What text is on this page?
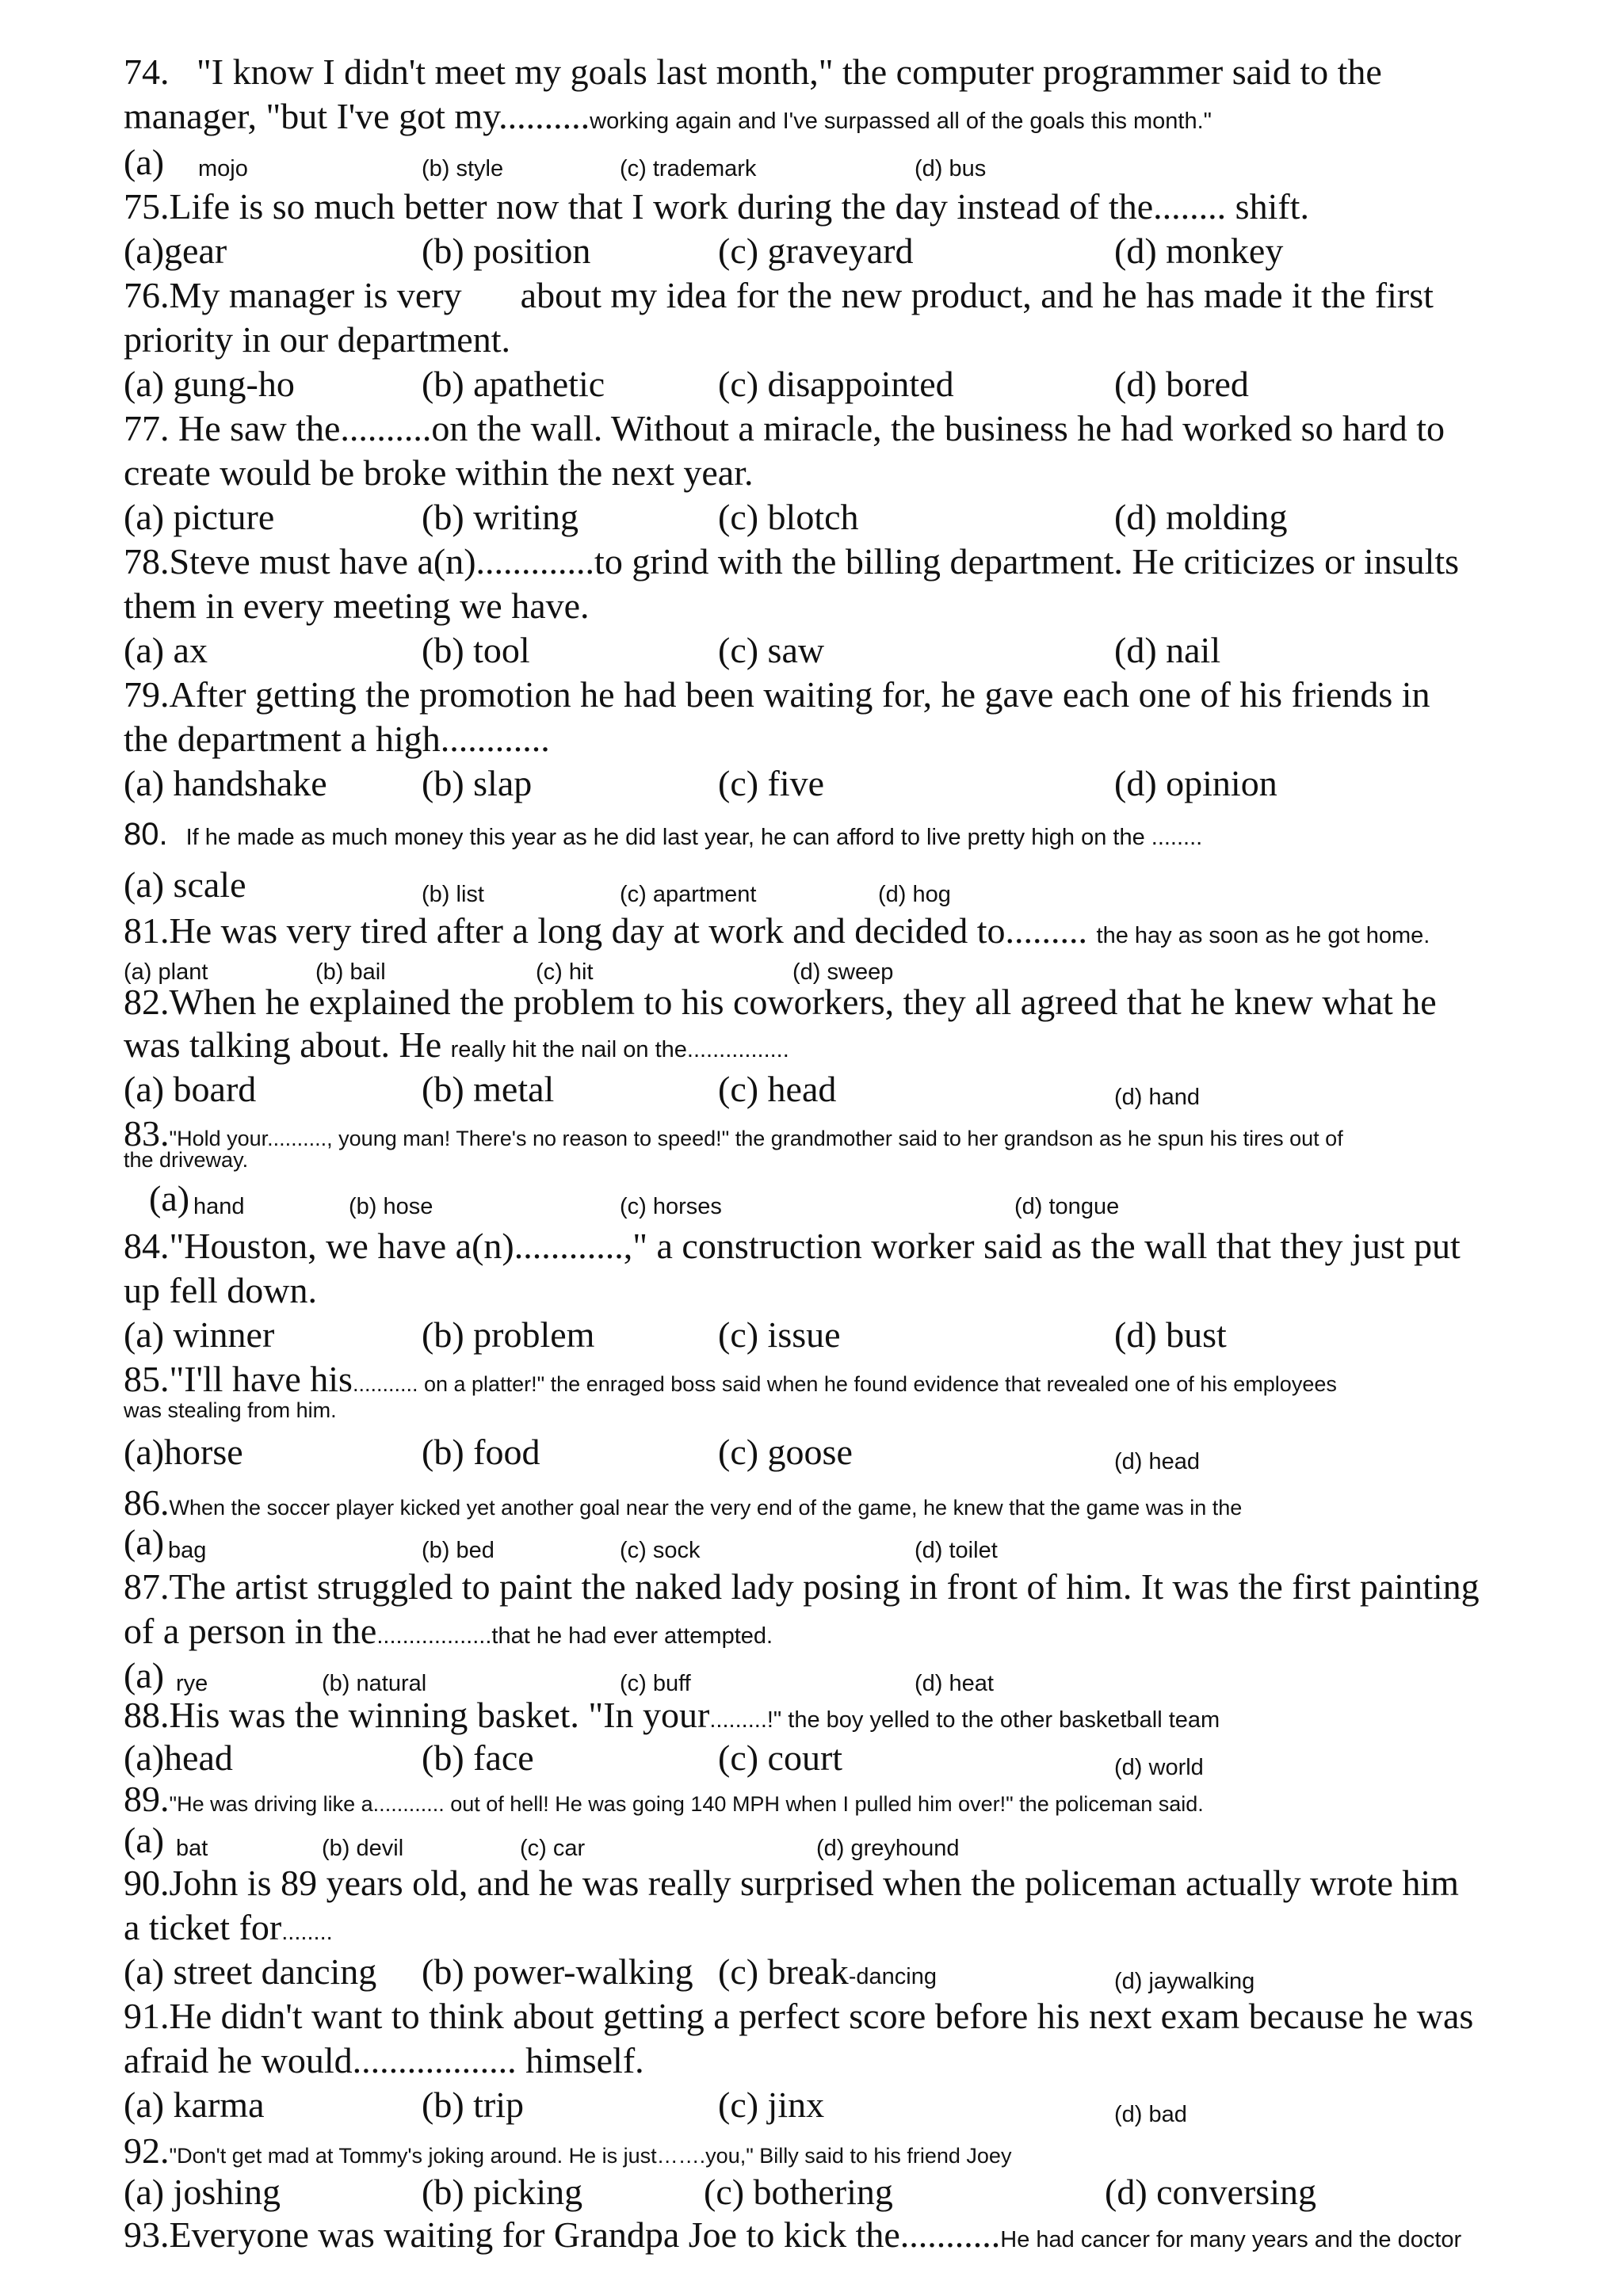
74. "I know I didn't meet my goals last month," the computer programmer said to the
manager, "but I've got my..........working again and I've surpassed all of the goals this month."
(a) mojo	(b) style	(c) trademark	(d) bus
75.Life is so much better now that I work during the day instead of the........ shift.
(a)gear	(b) position	(c) graveyard	(d) monkey
76.My manager is very about my idea for the new product, and he has made it the first
priority in our department.
(a) gung-ho	(b) apathetic	(c) disappointed	(d) bored
77. He saw the..........on the wall. Without a miracle, the business he had worked so hard to
create would be broke within the next year.
(a) picture	(b) writing	(c) blotch	(d) molding
78.Steve must have a(n).............to grind with the billing department. He criticizes or insults
them in every meeting we have.
(a) ax	(b) tool	(c) saw	(d) nail
79.After getting the promotion he had been waiting for, he gave each one of his friends in
the department a high............
(a) handshake	(b) slap	(c) five	(d) opinion
80. If he made as much money this year as he did last year, he can afford to live pretty high on the ........
(a) scale	(b) list	(c) apartment	(d) hog
81.He was very tired after a long day at work and decided to......... the hay as soon as he got home.
(a) plant	(b) bail	(c) hit	(d) sweep
82.When he explained the problem to his coworkers, they all agreed that he knew what he
was talking about. He really hit the nail on the................
(a) board	(b) metal	(c) head	(d) hand
83."Hold your.........., young man! There's no reason to speed!" the grandmother said to her grandson as he spun his tires out of
the driveway.
(a) hand	(b) hose	(c) horses	(d) tongue
84."Houston, we have a(n)............," a construction worker said as the wall that they just put
up fell down.
(a) winner	(b) problem	(c) issue	(d) bust
85."I'll have his........... on a platter!" the enraged boss said when he found evidence that revealed one of his employees
was stealing from him.
(a)horse	(b) food	(c) goose	(d) head
86.When the soccer player kicked yet another goal near the very end of the game, he knew that the game was in the
(a) bag	(b) bed	(c) sock	(d) toilet
87.The artist struggled to paint the naked lady posing in front of him. It was the first painting
of a person in the..................that he had ever attempted.
(a) rye	(b) natural	(c) buff	(d) heat
88.His was the winning basket. "In your.........!" the boy yelled to the other basketball team
(a)head	(b) face	(c) court	(d) world
89."He was driving like a............ out of hell! He was going 140 MPH when I pulled him over!" the policeman said.
(a) bat	(b) devil	(c) car	(d) greyhound
90.John is 89 years old, and he was really surprised when the policeman actually wrote him
a ticket for........
(a) street dancing (b) power-walking (c) break-dancing	(d) jaywalking
91.He didn't want to think about getting a perfect score before his next exam because he was
afraid he would.................. himself.
(a) karma	(b) trip	(c) jinx	(d) bad
92."Don't get mad at Tommy's joking around. He is just…….you," Billy said to his friend Joey
(a) joshing	(b) picking	(c) bothering	(d) conversing
93.Everyone was waiting for Grandpa Joe to kick the...........He had cancer for many years and the doctor
